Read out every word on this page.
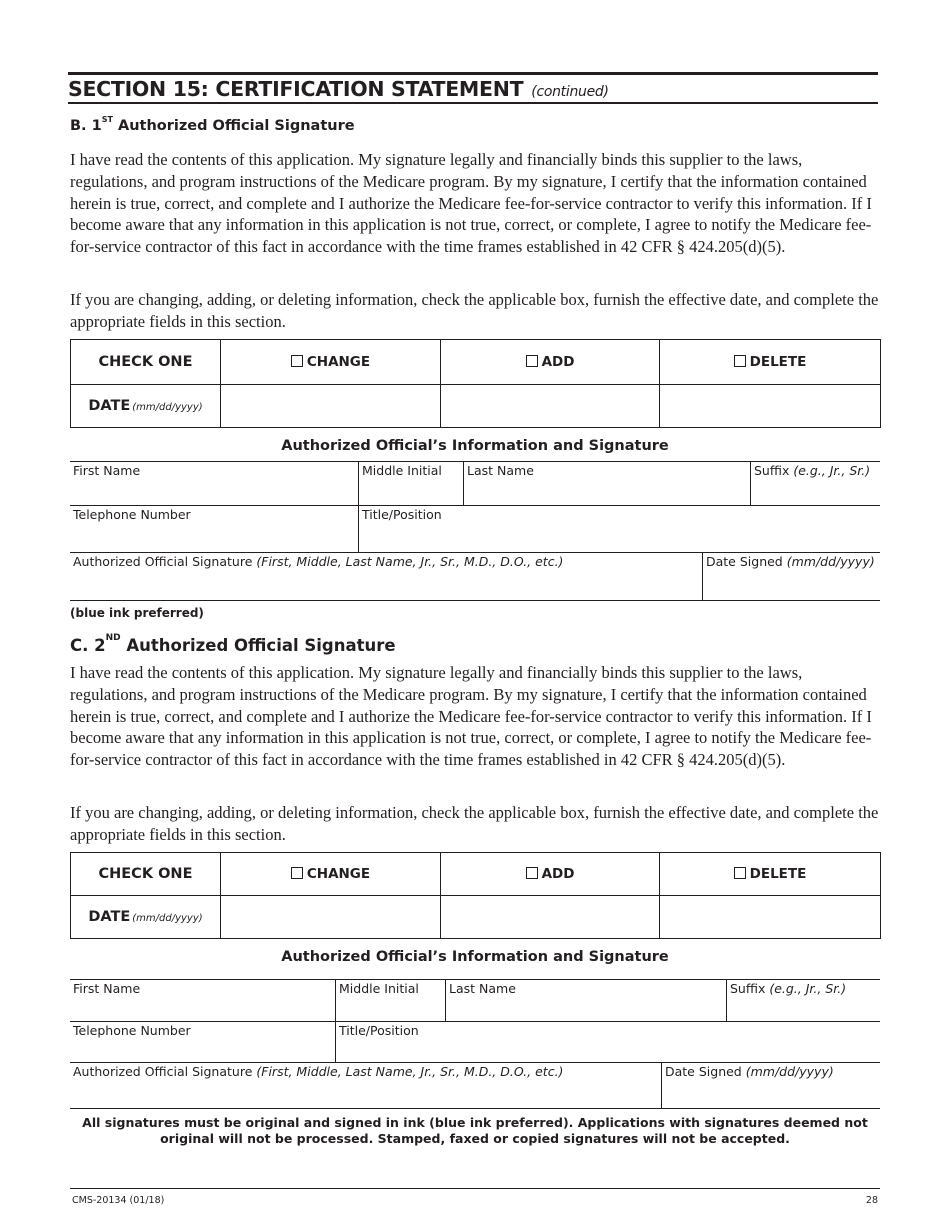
SECTION 15: CERTIFICATION STATEMENT (continued)
B. 1ST Authorized Official Signature

I have read the contents of this application. My signature legally and financially binds this supplier to the laws, regulations, and program instructions of the Medicare program. By my signature, I certify that the information contained herein is true, correct, and complete and I authorize the Medicare fee-for-service contractor to verify this information. If I become aware that any information in this application is not true, correct, or complete, I agree to notify the Medicare fee-for-service contractor of this fact in accordance with the time frames established in 42 CFR § 424.205(d)(5).

If you are changing, adding, or deleting information, check the applicable box, furnish the effective date, and complete the appropriate fields in this section.

CHECK ONE	CHANGE	ADD	DELETE
DATE (mm/dd/yyyy)			
Authorized Official’s Information and Signature
First Name	Middle Initial	Last Name	Suffix (e.g., Jr., Sr.)
Telephone Number	Title/Position
Authorized Official Signature (First, Middle, Last Name, Jr., Sr., M.D., D.O., etc.)	Date Signed (mm/dd/yyyy)
(blue ink preferred)
C. 2ND Authorized Official Signature

I have read the contents of this application. My signature legally and financially binds this supplier to the laws, regulations, and program instructions of the Medicare program. By my signature, I certify that the information contained herein is true, correct, and complete and I authorize the Medicare fee-for-service contractor to verify this information. If I become aware that any information in this application is not true, correct, or complete, I agree to notify the Medicare fee-for-service contractor of this fact in accordance with the time frames established in 42 CFR § 424.205(d)(5).

If you are changing, adding, or deleting information, check the applicable box, furnish the effective date, and complete the appropriate fields in this section.

CHECK ONE	CHANGE	ADD	DELETE
DATE (mm/dd/yyyy)			
Authorized Official’s Information and Signature
First Name	Middle Initial	Last Name	Suffix (e.g., Jr., Sr.)
Telephone Number	Title/Position
Authorized Official Signature (First, Middle, Last Name, Jr., Sr., M.D., D.O., etc.)	Date Signed (mm/dd/yyyy)
All signatures must be original and signed in ink (blue ink preferred). Applications with signatures deemed not original will not be processed. Stamped, faxed or copied signatures will not be accepted.
CMS-20134 (01/18)	28
